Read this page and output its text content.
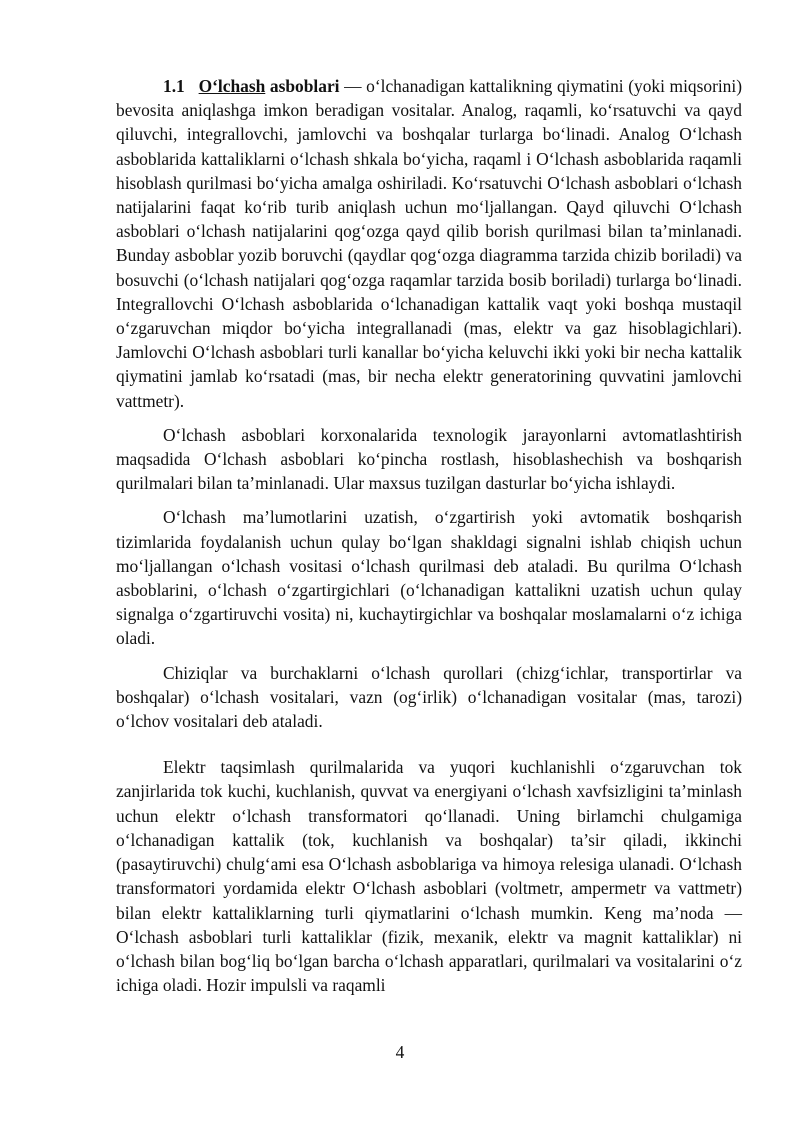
1.1 O‘lchash asboblari — o‘lchanadigan kattalikning qiymatini (yoki miqsorini) bevosita aniqlashga imkon beradigan vositalar. Analog, raqamli, ko‘rsatuvchi va qayd qiluvchi, integrallovchi, jamlovchi va boshqalar turlarga bo‘linadi. Analog O‘lchash asboblarida kattaliklarni o‘lchash shkala bo‘yicha, raqaml i O‘lchash asboblarida raqamli hisoblash qurilmasi bo‘yicha amalga oshiriladi. Ko‘rsatuvchi O‘lchash asboblari o‘lchash natijalarini faqat ko‘rib turib aniqlash uchun mo‘ljallangan. Qayd qiluvchi O‘lchash asboblari o‘lchash natijalarini qog‘ozga qayd qilib borish qurilmasi bilan ta’minlanadi. Bunday asboblar yozib boruvchi (qaydlar qog‘ozga diagramma tarzida chizib boriladi) va bosuvchi (o‘lchash natijalari qog‘ozga raqamlar tarzida bosib boriladi) turlarga bo‘linadi. Integrallovchi O‘lchash asboblarida o‘lchanadigan kattalik vaqt yoki boshqa mustaqil o‘zgaruvchan miqdor bo‘yicha integrallanadi (mas, elektr va gaz hisoblagichlari). Jamlovchi O‘lchash asboblari turli kanallar bo‘yicha keluvchi ikki yoki bir necha kattalik qiymatini jamlab ko‘rsatadi (mas, bir necha elektr generatorining quvvatini jamlovchi vattmetr).

O‘lchash asboblari korxonalarida texnologik jarayonlarni avtomatlashtirish maqsadida O‘lchash asboblari ko‘pincha rostlash, hisoblashechish va boshqarish qurilmalari bilan ta’minlanadi. Ular maxsus tuzilgan dasturlar bo‘yicha ishlaydi.

O‘lchash ma’lumotlarini uzatish, o‘zgartirish yoki avtomatik boshqarish tizimlarida foydalanish uchun qulay bo‘lgan shakldagi signalni ishlab chiqish uchun mo‘ljallangan o‘lchash vositasi o‘lchash qurilmasi deb ataladi. Bu qurilma O‘lchash asboblarini, o‘lchash o‘zgartirgichlari (o‘lchanadigan kattalikni uzatish uchun qulay signalga o‘zgartiruvchi vosita) ni, kuchaytirgichlar va boshqalar moslamalarni o‘z ichiga oladi.

Chiziqlar va burchaklarni o‘lchash qurollari (chizg‘ichlar, transportirlar va boshqalar) o‘lchash vositalari, vazn (og‘irlik) o‘lchanadigan vositalar (mas, tarozi) o‘lchov vositalari deb ataladi.

Elektr taqsimlash qurilmalarida va yuqori kuchlanishli o‘zgaruvchan tok zanjirlarida tok kuchi, kuchlanish, quvvat va energiyani o‘lchash xavfsizligini ta’minlash uchun elektr o‘lchash transformatori qo‘llanadi. Uning birlamchi chulgamiga o‘lchanadigan kattalik (tok, kuchlanish va boshqalar) ta’sir qiladi, ikkinchi (pasaytiruvchi) chulg‘ami esa O‘lchash asboblariga va himoya relesiga ulanadi. O‘lchash transformatori yordamida elektr O‘lchash asboblari (voltmetr, ampermetr va vattmetr) bilan elektr kattaliklarning turli qiymatlarini o‘lchash mumkin. Keng ma’noda — O‘lchash asboblari turli kattaliklar (fizik, mexanik, elektr va magnit kattaliklar) ni o‘lchash bilan bog‘liq bo‘lgan barcha o‘lchash apparatlari, qurilmalari va vositalarini o‘z ichiga oladi. Hozir impulsli va raqamli

4
